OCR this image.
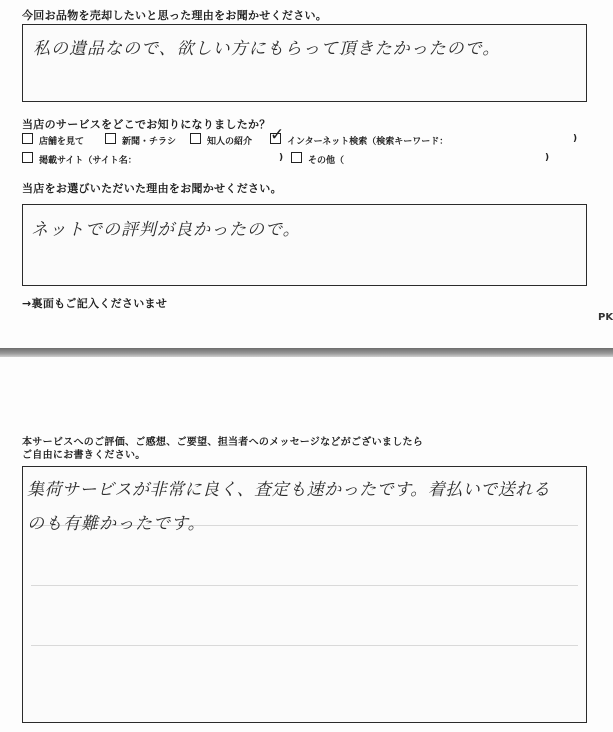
今回お品物を売却したいと思った理由をお聞かせください。
私の遺品なので、欲しい方にもらって頂きたかったので。
当店のサービスをどこでお知りになりましたか？
店舗を見て	新聞・チラシ	知人の紹介 ✓ インターネット検索（検索キーワード：	)
掲載サイト（サイト名：	)	その他（	)
当店をお選びいただいた理由をお聞かせください。
ネットでの評判が良かったので。
→裏面もご記入くださいませ
PK
本サービスへのご評価、ご感想、ご要望、担当者へのメッセージなどがございましたら
ご自由にお書きください。
集荷サービスが非常に良く、査定も速かったです。着払いで送れる
のも有難かったです。
